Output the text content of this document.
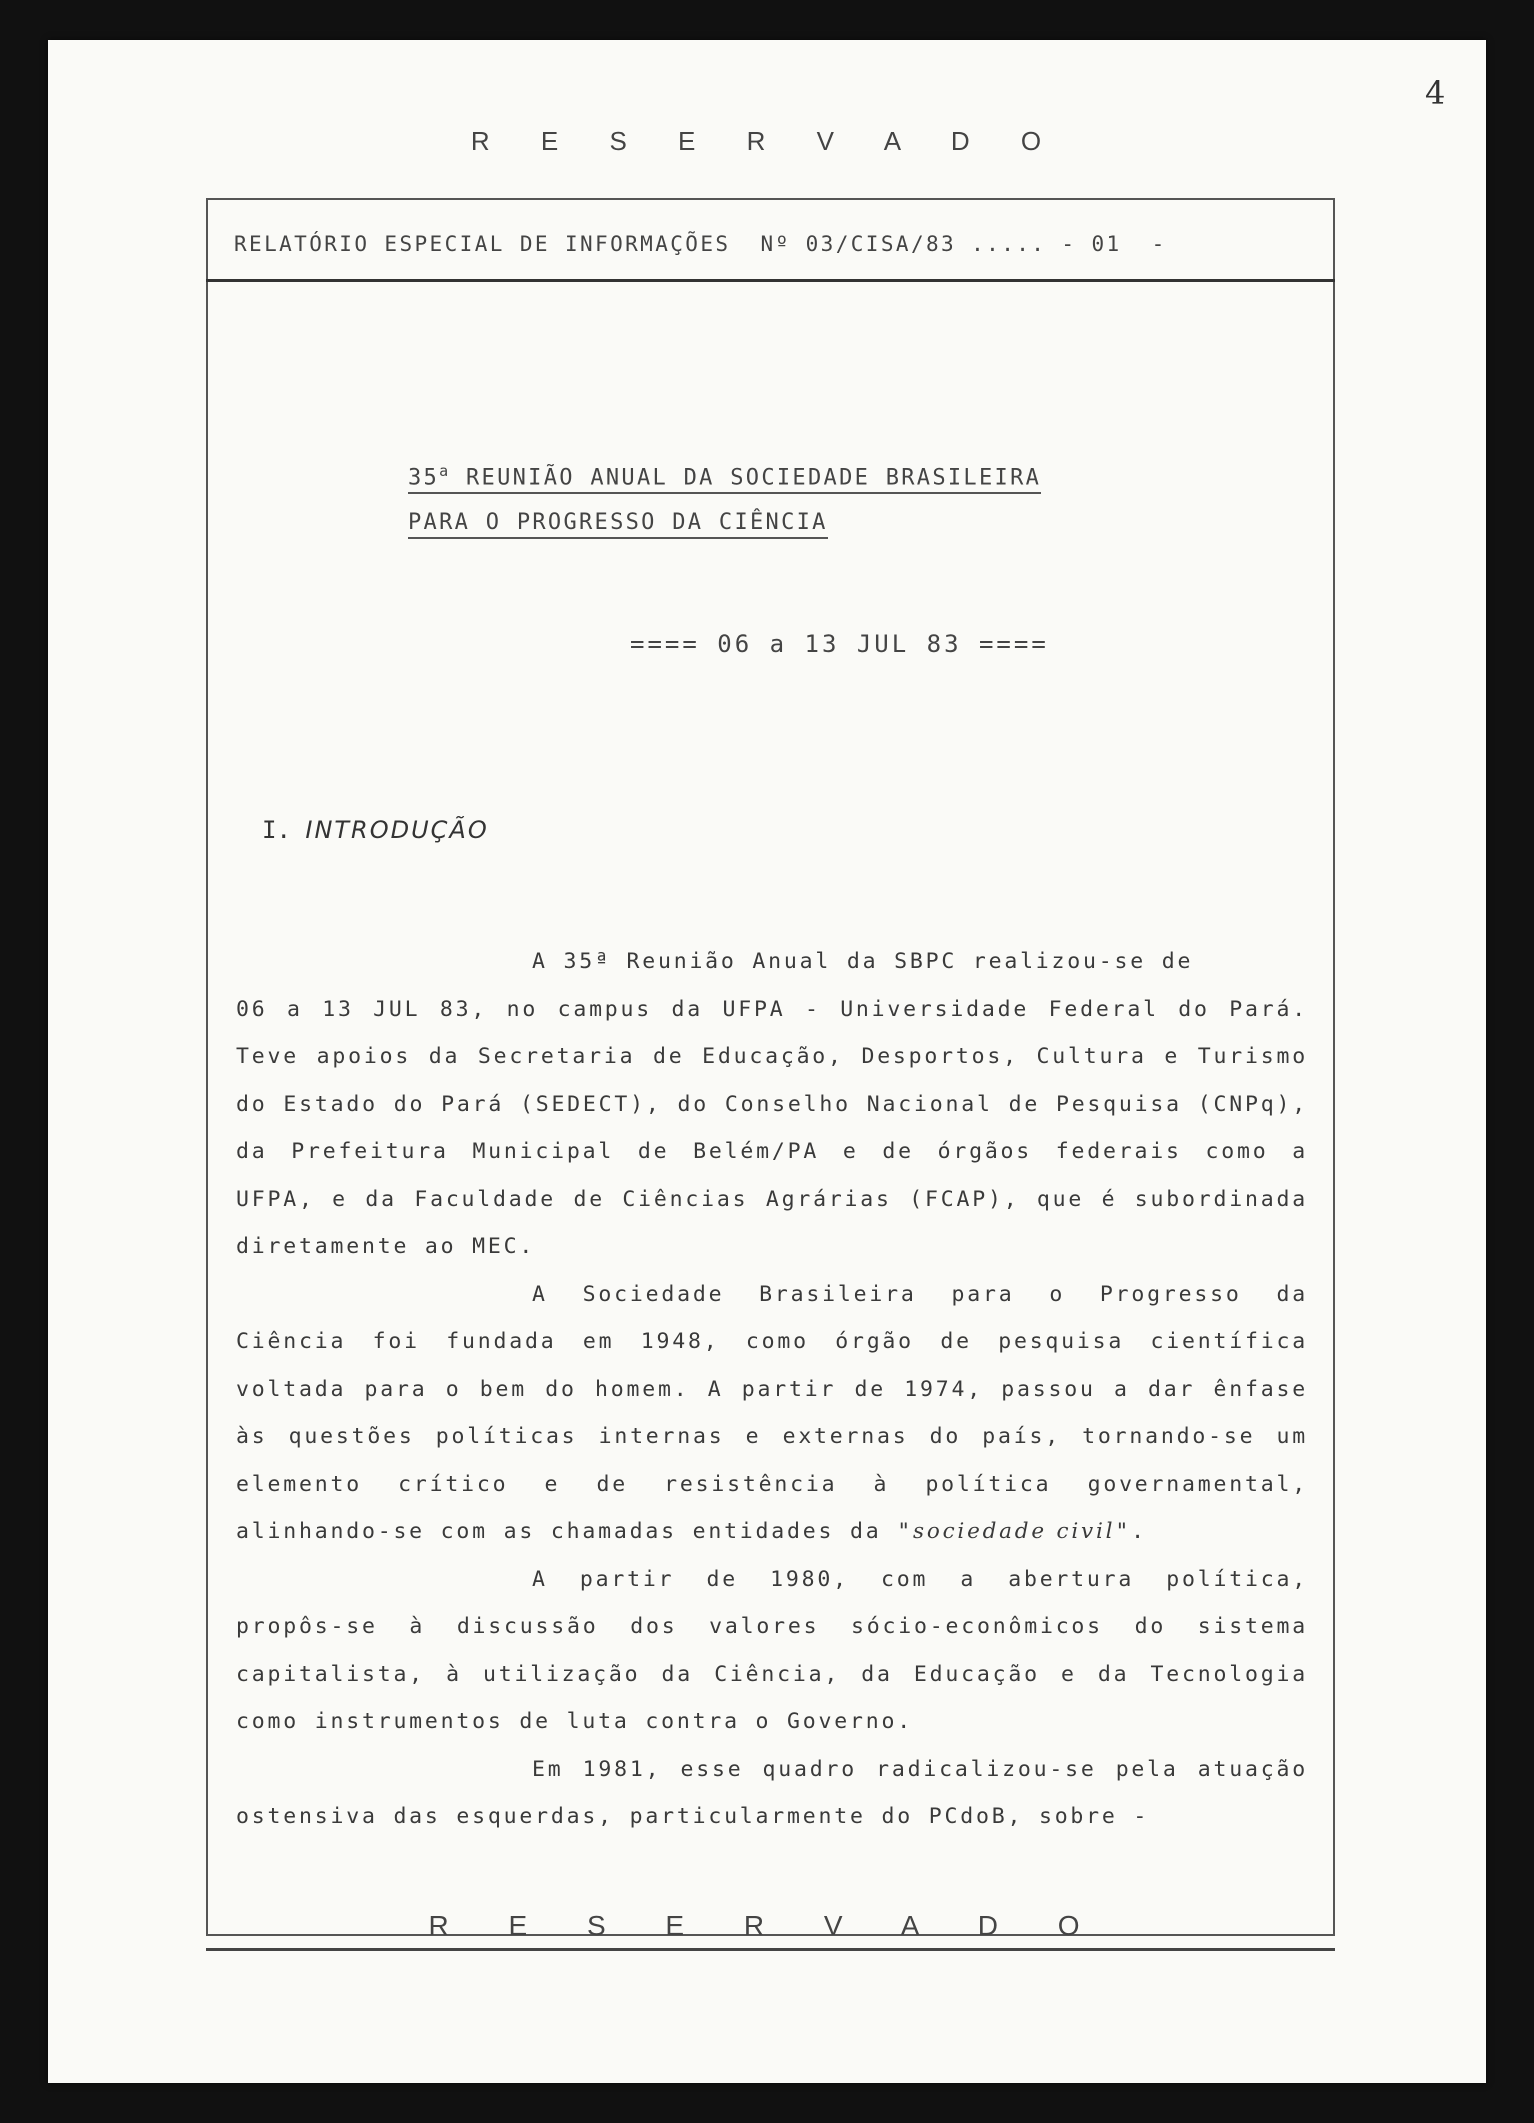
4
R E S E R V A D O
RELATÓRIO ESPECIAL DE INFORMAÇÕES  Nº 03/CISA/83 ..... - 01  -
35$^a$ REUNIÃO ANUAL DA SOCIEDADE BRASILEIRA
PARA O PROGRESSO DA CIÊNCIA
==== 06 a 13 JUL 83 ====
I. INTRODUÇÃO

A 35ª Reunião Anual da SBPC realizou-se de

06 a 13 JUL 83, no campus da UFPA - Universidade Federal do Pará. Teve apoios da Secretaria de Educação, Desportos, Cultura e Turismo do Estado do Pará (SEDECT), do Conselho Nacional de Pesquisa (CNPq), da Prefeitura Municipal de Belém/PA e de órgãos federais como a UFPA, e da Faculdade de Ciências Agrárias (FCAP), que é subordinada diretamente ao MEC.

A Sociedade Brasileira para o Progresso da Ciência foi fundada em 1948, como órgão de pesquisa científica voltada para o bem do homem. A partir de 1974, passou a dar ênfase às questões políticas internas e externas do país, tornando-se um elemento crítico e de resistência à política governamental, alinhando-se com as chamadas entidades da "sociedade civil".

A partir de 1980, com a abertura política, propôs-se à discussão dos valores sócio-econômicos do sistema capitalista, à utilização da Ciência, da Educação e da Tecnologia como instrumentos de luta contra o Governo.

Em 1981, esse quadro radicalizou-se pela atuação ostensiva das esquerdas, particularmente do PCdoB, sobre -

R E S E R V A D O
